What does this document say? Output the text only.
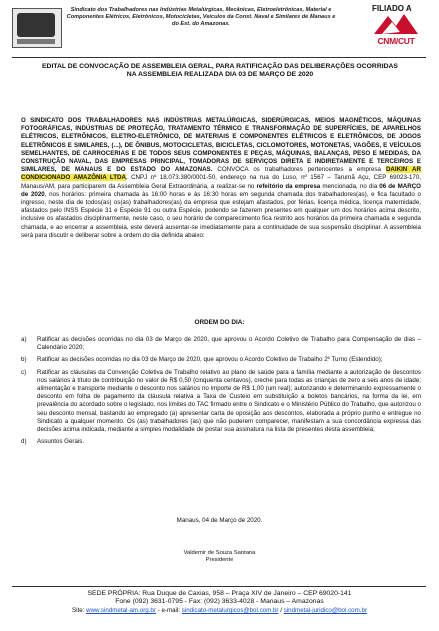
Sindicato dos Trabalhadores nas Indústrias Metalúrgicas, Mecânicas, Eletroeletrônicas, Material e Componentes Elétricos, Eletrônicos, Motocicletas, Veículos da Const. Naval e Similares de Manaus e do Est. do Amazonas.
FILIADO A
CNM/CUT
EDITAL DE CONVOCAÇÃO DE ASSEMBLEIA GERAL, PARA RATIFICAÇÃO DAS DELIBERAÇÕES OCORRIDAS NA ASSEMBLEIA REALIZADA DIA 03 DE MARÇO DE 2020
O SINDICATO DOS TRABALHADORES NAS INDÚSTRIAS METALÚRGICAS, SIDERÚRGICAS, MEIOS MAGNÉTICOS, MÁQUINAS FOTOGRÁFICAS, INDÚSTRIAS DE PROTEÇÃO, TRATAMENTO TÉRMICO E TRANSFORMAÇÃO DE SUPERFÍCIES, DE APARELHOS ELÉTRICOS, ELETRÔNICOS, ELETRO-ELETRÔNICO, DE MATERIAIS E COMPONENTES ELÉTRICOS E ELETRÔNICOS, DE JOGOS ELETRÔNICOS E SIMILARES, (...), DE ÔNIBUS, MOTOCICLETAS, BICICLETAS, CICLOMOTORES, MOTONETAS, VAGÕES, E VEÍCULOS SEMELHANTES, DE CARROCERIAS E DE TODOS SEUS COMPONENTES E PEÇAS, MÁQUINAS, BALANÇAS, PESO E MEDIDAS, DA CONSTRUÇÃO NAVAL, DAS EMPRESAS PRINCIPAL, TOMADORAS DE SERVIÇOS DIRETA E INDIRETAMENTE E TERCEIROS E SIMILARES, DE MANAUS E DO ESTADO DO AMAZONAS. CONVOCA os trabalhadores pertencentes a empresa DAIKIN AR CONDICIONADO AMAZÔNIA LTDA, CNPJ nº 18.073.380/0001-50, endereço na rua do Luso, nº 1567 – Tarumã Açu, CEP 69023-170, Manaus/AM, para participarem da Assembleia Geral Extraordinária, a realizar-se no refeitório da empresa mencionada, no dia 06 de MARÇO de 2020, nos horários: primeira chamada às 16:00 horas e às 16:30 horas em segunda chamada dos trabalhadores(as), e fica facultado o ingresso, neste dia de todos(as) os(as) trabalhadores(as) da empresa que estejam afastados, por férias, licença médica, licença maternidade, afastados pelo INSS Espécie 31 e Espécie 91 ou outra Espécie, podendo se fazerem presentes em qualquer um dos horários acima descrito, inclusive os afastados disciplinarmente, neste caso, o seu horário de comparecimento fica restrito aos horários da primeira chamada e segunda chamada, e ao encerrar a assembleia, este deverá ausentar-se imediatamente para a continuidade de sua suspensão disciplinar. A assembleia será para discutir e deliberar sobre a ordem do dia definida abaixo:
ORDEM DO DIA:
a)	Ratificar as decisões ocorridas no dia 03 de Março de 2020, que aprovou o Acordo Coletivo de Trabalho para Compensação de dias – Calendário 2020;
b)	Ratificar as decisões ocorridas no dia 03 de Março de 2020, que aprovou o Acordo Coletivo de Trabalho 2º Turno (Estendido);
c)	Ratificar as cláusulas da Convenção Coletiva de Trabalho relativo ao plano de saúde para a família mediante a autorização de descontos nos salários à título de contribuição no valor de R$ 0,50 (cinquenta centavos), creche para todas as crianças de zero a seis anos de idade; alimentação e transporte mediante o desconto nos salários no importe de R$ 1,00 (um real); autorizando e determinando expressamente o desconto em folha de pagamento da cláusula relativa a Taxa de Custeio em substituição a boletos bancários, na forma da lei, em prevalência do acordado sobre o legislado, nos limites do TAC firmado entre o Sindicato e o Ministério Público do Trabalho, que autorizou o seu desconto mensal, bastando ao empregado (a) apresentar carta de oposição aos descontos, elaborada a próprio punho e entregue no Sindicato a qualquer momento. Os (as) trabalhadores (as) que não puderem comparecer, manifestam a sua concordância expressa das decisões acima indicada, mediante a simples modalidade de postar sua assinatura na lista de presentes desta assembleia;
d)	Assuntos Gerais.
Manaus, 04 de Março de 2020.
Valdemir de Souza Santana
Presidente
SEDE PRÓPRIA: Rua Duque de Caxias, 958 – Praça XIV de Janeiro – CEP 69020-141
Fone (092) 3631-0795 - Fax: (092) 3633-4028 - Manaus – Amazonas
Site: www.sindmetal-am.org.br - e-mail: sindicato-metalurgicos@bol.com.br / sindmetal-juridico@bol.com.br
